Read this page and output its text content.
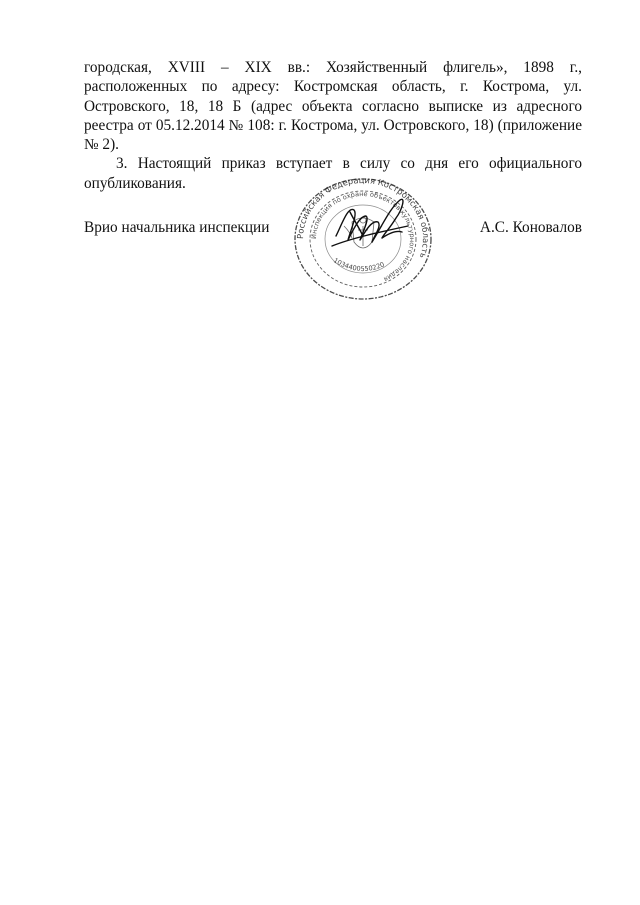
городская, XVIII – XIX вв.: Хозяйственный флигель», 1898 г., расположенных по адресу: Костромская область, г. Кострома, ул. Островского, 18, 18 Б (адрес объекта согласно выписке из адресного реестра от 05.12.2014 № 108: г. Кострома, ул. Островского, 18) (приложение № 2).

3. Настоящий приказ вступает в силу со дня его официального опубликования.

Врио начальника инспекции	А.С. Коновалов
Российская Федерация Костромская область
Инспекция по охране объектов культурного наследия
1034400550220
